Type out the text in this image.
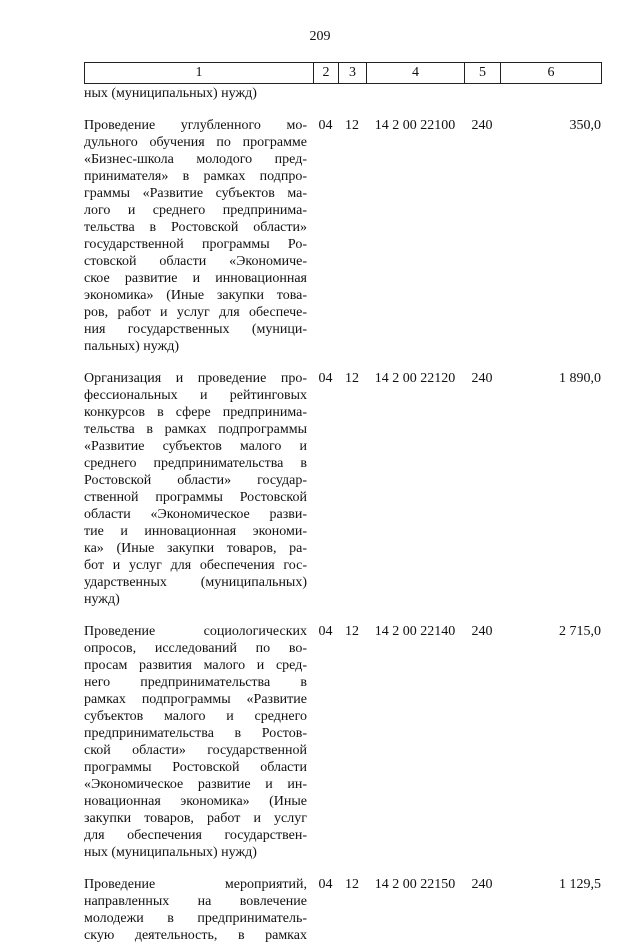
209
1	2	3	4	5	6
ных (муниципальных) нужд)
Проведение углубленного мо-
дульного обучения по программе
«Бизнес-школа молодого пред-
принимателя» в рамках подпро-
граммы «Развитие субъектов ма-
лого и среднего предпринима-
тельства в Ростовской области»
государственной программы Ро-
стовской области «Экономиче-
ское развитие и инновационная
экономика» (Иные закупки това-
ров, работ и услуг для обеспече-
ния государственных (муници-
пальных) нужд)
04 12	14 2 00 22100	240	350,0
Организация и проведение про-
фессиональных и рейтинговых
конкурсов в сфере предпринима-
тельства в рамках подпрограммы
«Развитие субъектов малого и
среднего предпринимательства в
Ростовской области» государ-
ственной программы Ростовской
области «Экономическое разви-
тие и инновационная экономи-
ка» (Иные закупки товаров, ра-
бот и услуг для обеспечения гос-
ударственных (муниципальных)
нужд)
04 12	14 2 00 22120	240	1 890,0
Проведение социологических
опросов, исследований по во-
просам развития малого и сред-
него предпринимательства в
рамках подпрограммы «Развитие
субъектов малого и среднего
предпринимательства в Ростов-
ской области» государственной
программы Ростовской области
«Экономическое развитие и ин-
новационная экономика» (Иные
закупки товаров, работ и услуг
для обеспечения государствен-
ных (муниципальных) нужд)
04 12	14 2 00 22140	240	2 715,0
Проведение мероприятий,
направленных на вовлечение
молодежи в предприниматель-
скую деятельность, в рамках
04 12	14 2 00 22150	240	1 129,5
